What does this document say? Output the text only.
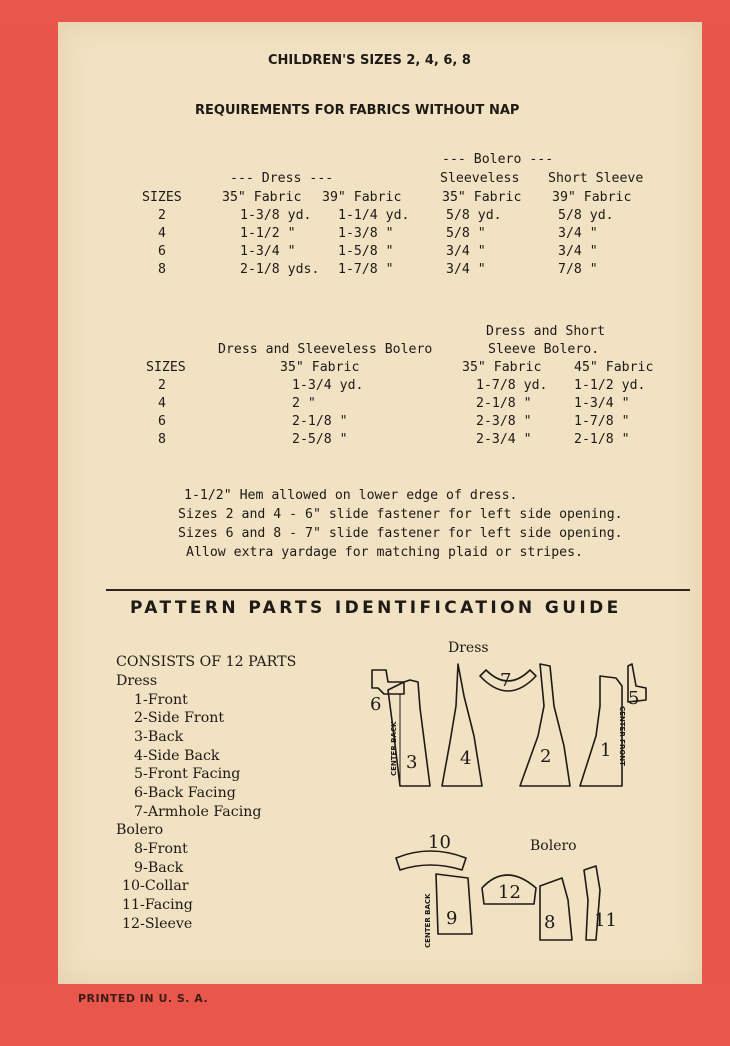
CHILDREN'S SIZES 2, 4, 6, 8
REQUIREMENTS FOR FABRICS WITHOUT NAP
--- Bolero ---
--- Dress ---	Sleeveless Short Sleeve
SIZES	35" Fabric 39" Fabric	35" Fabric 39" Fabric
2	1-3/8 yd. 1-1/4 yd.	5/8 yd.	5/8 yd.
4	1-1/2 "	1-3/8 "	5/8 "	3/4 "
6	1-3/4 "	1-5/8 "	3/4 "	3/4 "
8	2-1/8 yds. 1-7/8 "	3/4 "	7/8 "
Dress and Short
Dress and Sleeveless Bolero	Sleeve Bolero.
SIZES	35" Fabric	35" Fabric 45" Fabric
2	1-3/4 yd.	1-7/8 yd. 1-1/2 yd.
4	2 "	2-1/8 "	1-3/4 "
6	2-1/8 "	2-3/8 "	1-7/8 "
8	2-5/8 "	2-3/4 "	2-1/8 "
1-1/2" Hem allowed on lower edge of dress.
Sizes 2 and 4 - 6" slide fastener for left side opening.
Sizes 6 and 8 - 7" slide fastener for left side opening.
Allow extra yardage for matching plaid or stripes.
PATTERN PARTS IDENTIFICATION GUIDE
CONSISTS OF 12 PARTS
Dress
1-Front
2-Side Front
3-Back
4-Side Back
5-Front Facing
6-Back Facing
7-Armhole Facing
Bolero
8-Front
9-Back
10-Collar
11-Facing
12-Sleeve
Dress
6
3 4
7
2	1
5
CENTER BACK	CENTER FRONT
Bolero
10
9
12
8 11
CENTER BACK
PRINTED IN U. S. A.
